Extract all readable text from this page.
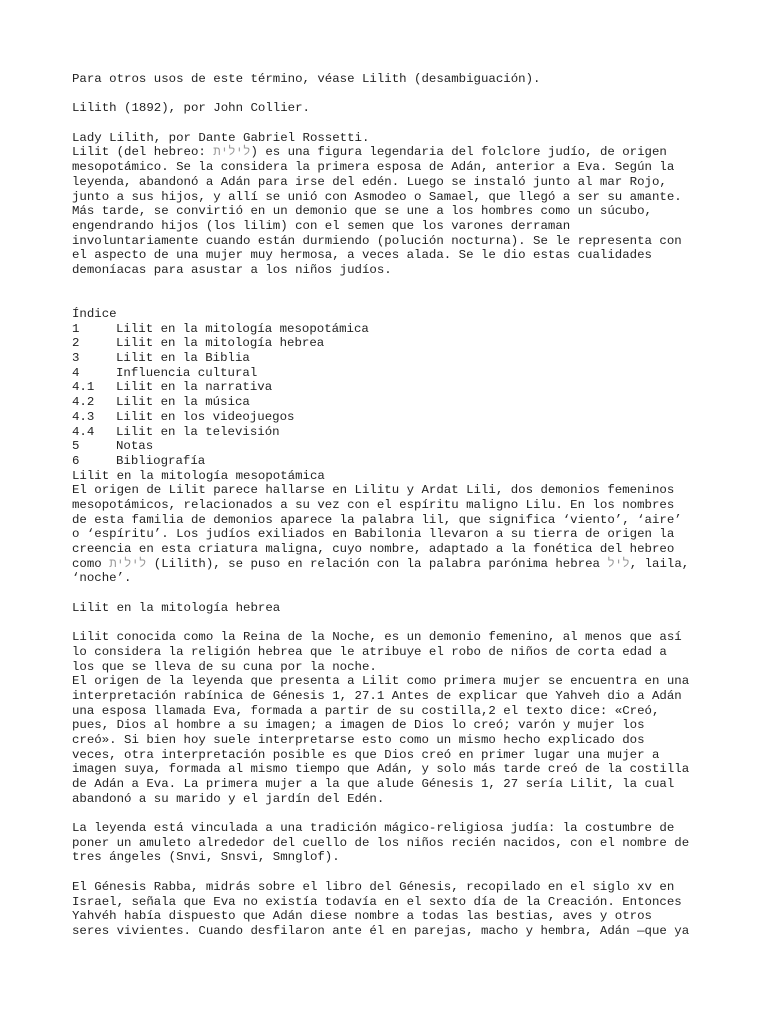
Para otros usos de este término, véase Lilith (desambiguación).
Lilith (1892), por John Collier.
Lady Lilith, por Dante Gabriel Rossetti.
Lilit (del hebreo: לילית) es una figura legendaria del folclore judío, de origen
mesopotámico. Se la considera la primera esposa de Adán, anterior a Eva. Según la
leyenda, abandonó a Adán para irse del edén. Luego se instaló junto al mar Rojo,
junto a sus hijos, y allí se unió con Asmodeo o Samael, que llegó a ser su amante.
Más tarde, se convirtió en un demonio que se une a los hombres como un súcubo,
engendrando hijos (los lilim) con el semen que los varones derraman
involuntariamente cuando están durmiendo (polución nocturna). Se le representa con
el aspecto de una mujer muy hermosa, a veces alada. Se le dio estas cualidades
demoníacas para asustar a los niños judíos.
Índice
1	Lilit en la mitología mesopotámica
2	Lilit en la mitología hebrea
3	Lilit en la Biblia
4	Influencia cultural
4.1	Lilit en la narrativa
4.2	Lilit en la música
4.3	Lilit en los videojuegos
4.4	Lilit en la televisión
5	Notas
6	Bibliografía
Lilit en la mitología mesopotámica
El origen de Lilit parece hallarse en Lilitu y Ardat Lili, dos demonios femeninos
mesopotámicos, relacionados a su vez con el espíritu maligno Lilu. En los nombres
de esta familia de demonios aparece la palabra lil, que significa ‘viento’, ‘aire’
o ‘espíritu’. Los judíos exiliados en Babilonia llevaron a su tierra de origen la
creencia en esta criatura maligna, cuyo nombre, adaptado a la fonética del hebreo
como לילית (Lilith), se puso en relación con la palabra parónima hebrea ליל, laila,
‘noche’.
Lilit en la mitología hebrea
Lilit conocida como la Reina de la Noche, es un demonio femenino, al menos que así
lo considera la religión hebrea que le atribuye el robo de niños de corta edad a
los que se lleva de su cuna por la noche.
El origen de la leyenda que presenta a Lilit como primera mujer se encuentra en una
interpretación rabínica de Génesis 1, 27.1 Antes de explicar que Yahveh dio a Adán
una esposa llamada Eva, formada a partir de su costilla,2 el texto dice: «Creó,
pues, Dios al hombre a su imagen; a imagen de Dios lo creó; varón y mujer los
creó». Si bien hoy suele interpretarse esto como un mismo hecho explicado dos
veces, otra interpretación posible es que Dios creó en primer lugar una mujer a
imagen suya, formada al mismo tiempo que Adán, y solo más tarde creó de la costilla
de Adán a Eva. La primera mujer a la que alude Génesis 1, 27 sería Lilit, la cual
abandonó a su marido y el jardín del Edén.
La leyenda está vinculada a una tradición mágico-religiosa judía: la costumbre de
poner un amuleto alrededor del cuello de los niños recién nacidos, con el nombre de
tres ángeles (Snvi, Snsvi, Smnglof).
El Génesis Rabba, midrás sobre el libro del Génesis, recopilado en el siglo xv en
Israel, señala que Eva no existía todavía en el sexto día de la Creación. Entonces
Yahvéh había dispuesto que Adán diese nombre a todas las bestias, aves y otros
seres vivientes. Cuando desfilaron ante él en parejas, macho y hembra, Adán —que ya
